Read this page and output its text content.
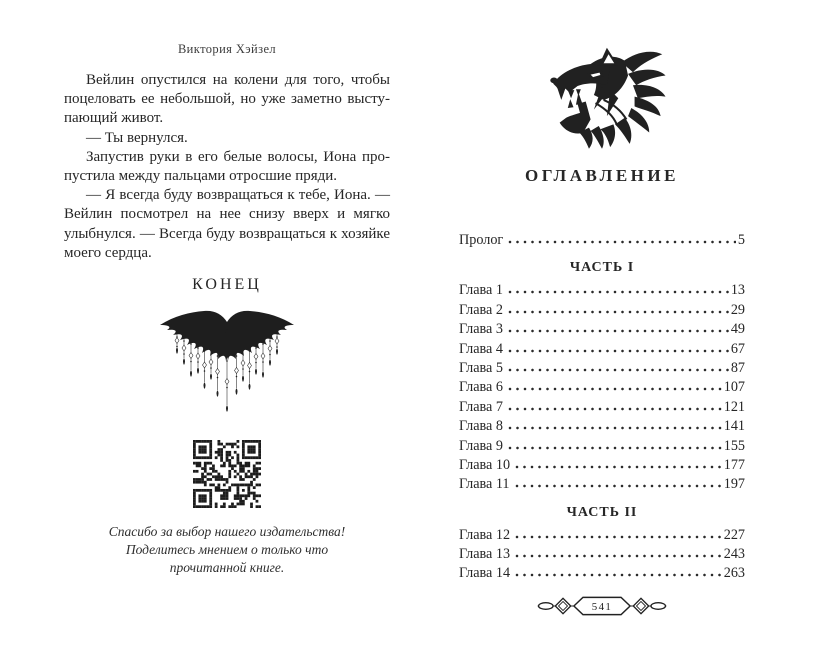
Виктория Хэйзел

Вейлин опустился на колени для того, чтобы поцеловать ее небольшой, но уже заметно выступающий живот.

— Ты вернулся.

Запустив руки в его белые волосы, Иона пропустила между пальцами отросшие пряди.

— Я всегда буду возвращаться к тебе, Иона. — Вейлин посмотрел на нее снизу вверх и мягко улыбнулся. — Всегда буду возвращаться к хозяйке моего сердца.

КОНЕЦ
Спасибо за выбор нашего издательства!
Поделитесь мнением о только что
прочитанной книге.
ОГЛАВЛЕНИЕ
Пролог	5
ЧАСТЬ I
Глава 1	13
Глава 2	29
Глава 3	49
Глава 4	67
Глава 5	87
Глава 6	107
Глава 7	121
Глава 8	141
Глава 9	155
Глава 10	177
Глава 11	197
ЧАСТЬ II
Глава 12	227
Глава 13	243
Глава 14	263
541
